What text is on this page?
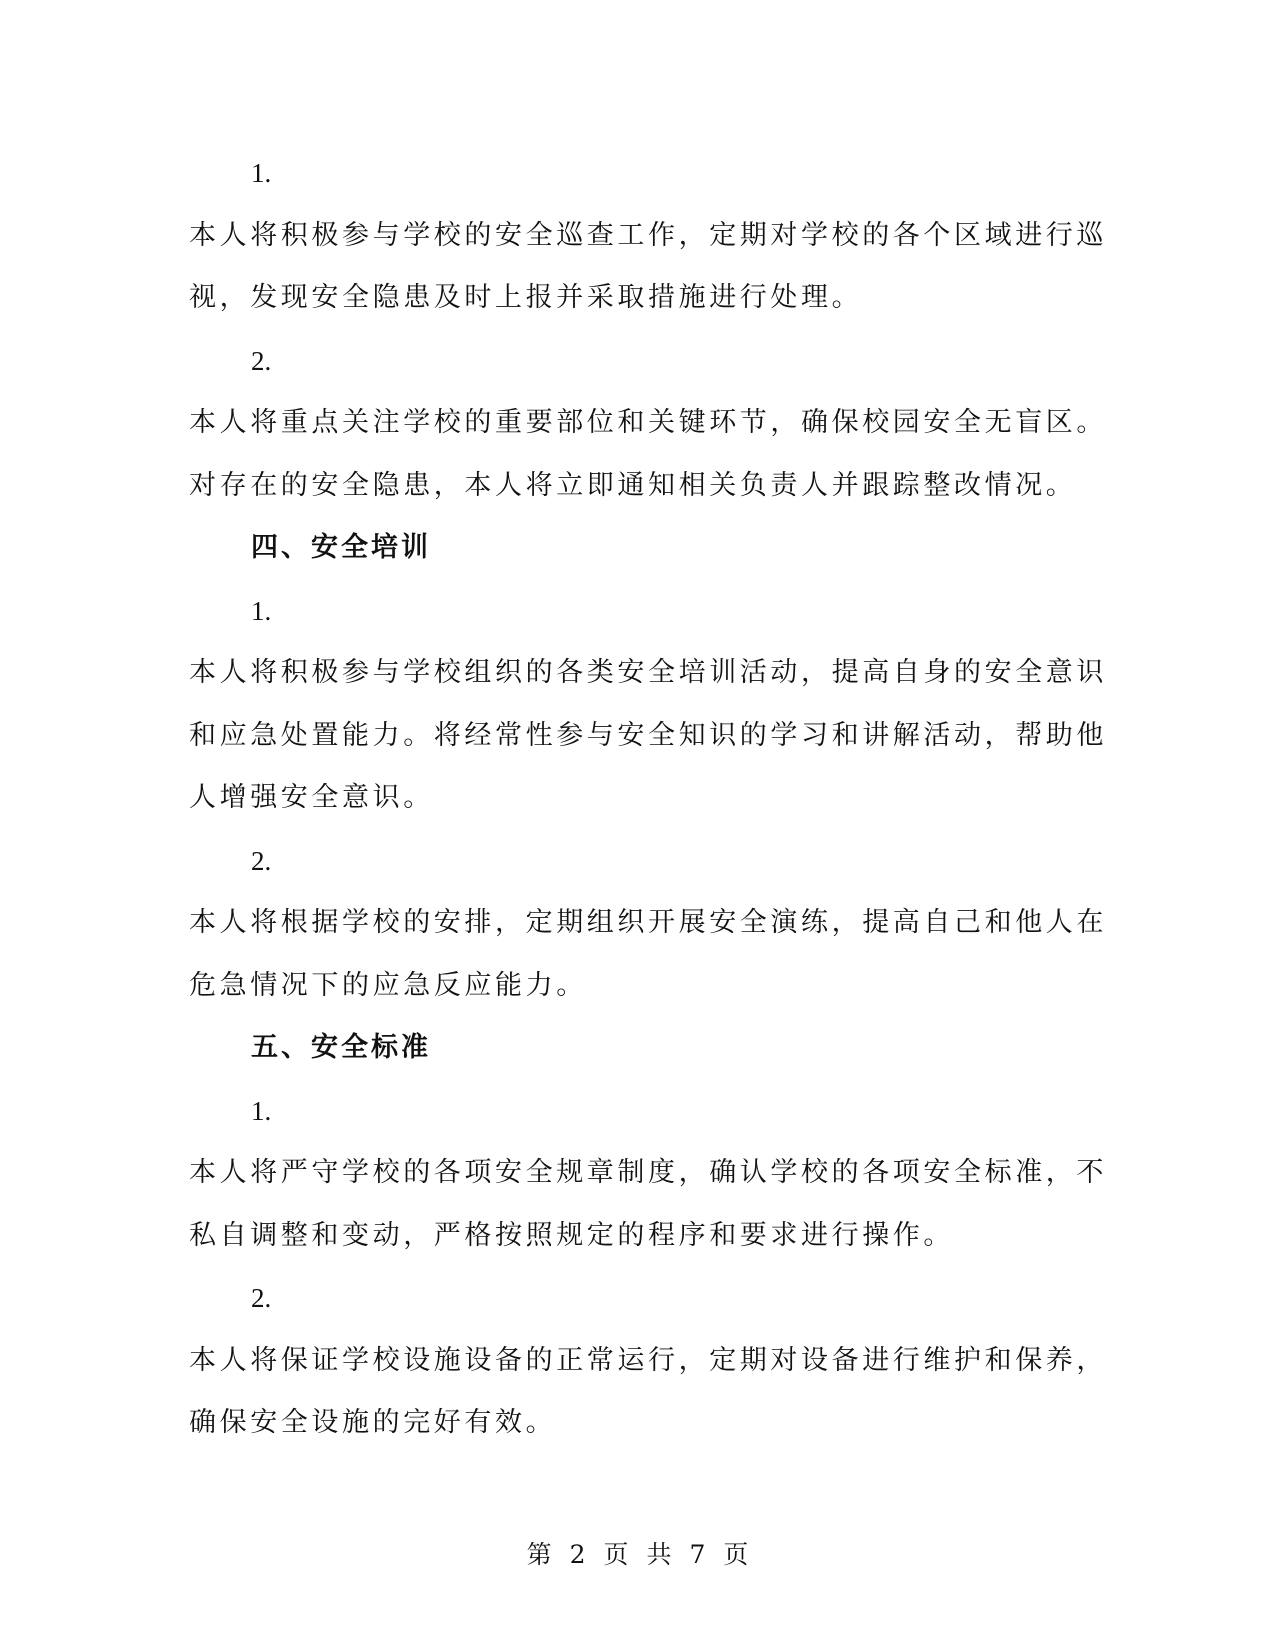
1.
本人将积极参与学校的安全巡查工作，定期对学校的各个区域进行巡
视，发现安全隐患及时上报并采取措施进行处理。
2.
本人将重点关注学校的重要部位和关键环节，确保校园安全无盲区。
对存在的安全隐患，本人将立即通知相关负责人并跟踪整改情况。
四、安全培训
1.
本人将积极参与学校组织的各类安全培训活动，提高自身的安全意识
和应急处置能力。将经常性参与安全知识的学习和讲解活动，帮助他
人增强安全意识。
2.
本人将根据学校的安排，定期组织开展安全演练，提高自己和他人在
危急情况下的应急反应能力。
五、安全标准
1.
本人将严守学校的各项安全规章制度，确认学校的各项安全标准，不
私自调整和变动，严格按照规定的程序和要求进行操作。
2.
本人将保证学校设施设备的正常运行，定期对设备进行维护和保养，
确保安全设施的完好有效。
第 2 页 共 7 页
